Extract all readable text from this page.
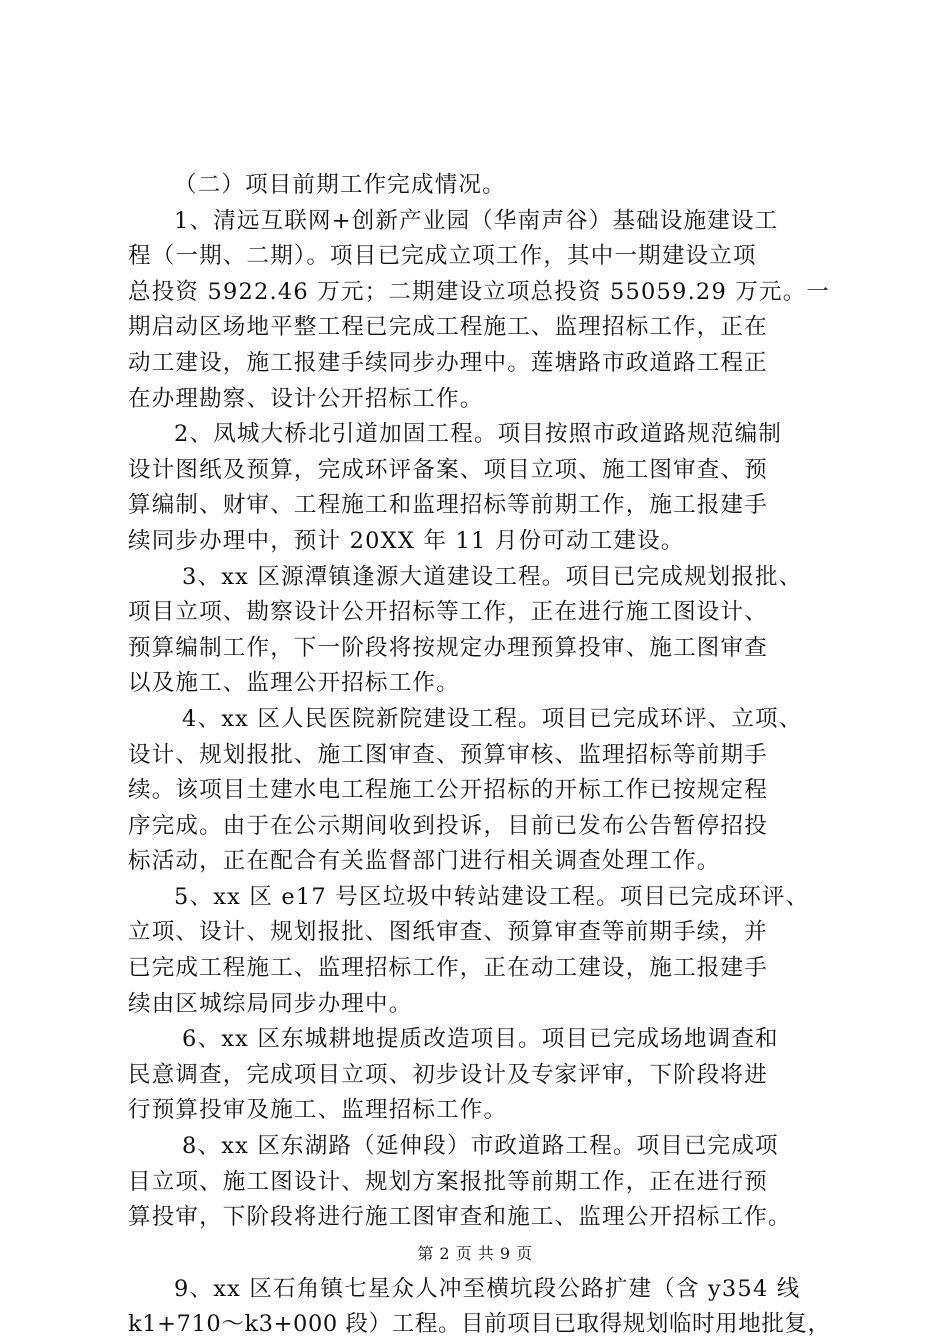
（二）项目前期工作完成情况。
1、清远互联网+创新产业园（华南声谷）基础设施建设工
程（一期、二期）。项目已完成立项工作，其中一期建设立项
总投资 5922.46 万元；二期建设立项总投资 55059.29 万元。一
期启动区场地平整工程已完成工程施工、监理招标工作，正在
动工建设，施工报建手续同步办理中。莲塘路市政道路工程正
在办理勘察、设计公开招标工作。
2、凤城大桥北引道加固工程。项目按照市政道路规范编制
设计图纸及预算，完成环评备案、项目立项、施工图审查、预
算编制、财审、工程施工和监理招标等前期工作，施工报建手
续同步办理中，预计 20XX 年 11 月份可动工建设。
3、xx 区源潭镇逢源大道建设工程。项目已完成规划报批、
项目立项、勘察设计公开招标等工作，正在进行施工图设计、
预算编制工作，下一阶段将按规定办理预算投审、施工图审查
以及施工、监理公开招标工作。
4、xx 区人民医院新院建设工程。项目已完成环评、立项、
设计、规划报批、施工图审查、预算审核、监理招标等前期手
续。该项目土建水电工程施工公开招标的开标工作已按规定程
序完成。由于在公示期间收到投诉，目前已发布公告暂停招投
标活动，正在配合有关监督部门进行相关调查处理工作。
5、xx 区 e17 号区垃圾中转站建设工程。项目已完成环评、
立项、设计、规划报批、图纸审查、预算审查等前期手续，并
已完成工程施工、监理招标工作，正在动工建设，施工报建手
续由区城综局同步办理中。
6、xx 区东城耕地提质改造项目。项目已完成场地调查和
民意调查，完成项目立项、初步设计及专家评审，下阶段将进
行预算投审及施工、监理招标工作。
8、xx 区东湖路（延伸段）市政道路工程。项目已完成项
目立项、施工图设计、规划方案报批等前期工作，正在进行预
算投审，下阶段将进行施工图审查和施工、监理公开招标工作。
9、xx 区石角镇七星众人冲至横坑段公路扩建（含 y354 线
k1+710～k3+000 段）工程。目前项目已取得规划临时用地批复，
第 2 页 共 9 页
